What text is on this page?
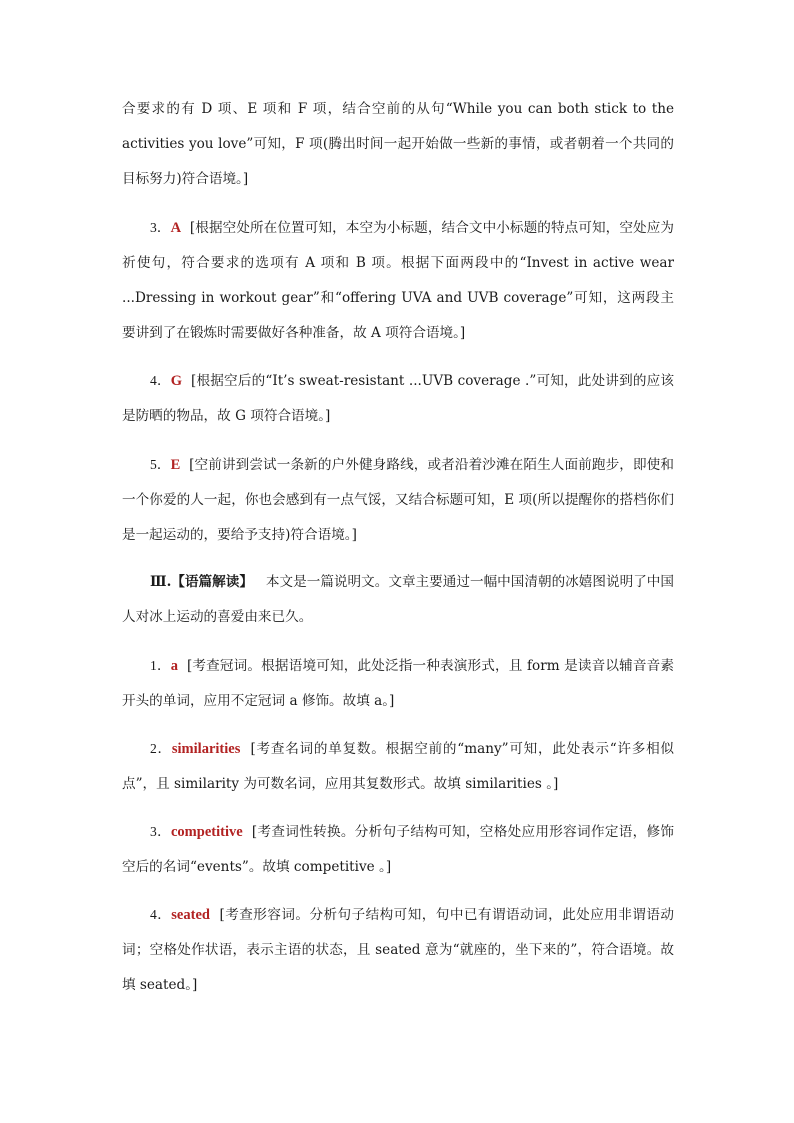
合要求的有 D 项、E 项和 F 项，结合空前的从句“While you can both stick to the activities you love”可知，F 项(腾出时间一起开始做一些新的事情，或者朝着一个共同的目标努力)符合语境。]

3．A [根据空处所在位置可知，本空为小标题，结合文中小标题的特点可知，空处应为祈使句，符合要求的选项有 A 项和 B 项。根据下面两段中的“Invest in active wear ...Dressing in workout gear”和“offering UVA and UVB coverage”可知，这两段主要讲到了在锻炼时需要做好各种准备，故 A 项符合语境。]

4．G [根据空后的“It’s sweat-resistant ...UVB coverage .”可知，此处讲到的应该是防晒的物品，故 G 项符合语境。]

5．E [空前讲到尝试一条新的户外健身路线，或者沿着沙滩在陌生人面前跑步，即使和一个你爱的人一起，你也会感到有一点气馁，又结合标题可知，E 项(所以提醒你的搭档你们是一起运动的，要给予支持)符合语境。]

Ⅲ.【语篇解读】 本文是一篇说明文。文章主要通过一幅中国清朝的冰嬉图说明了中国人对冰上运动的喜爱由来已久。

1．a [考查冠词。根据语境可知，此处泛指一种表演形式，且 form 是读音以辅音音素开头的单词，应用不定冠词 a 修饰。故填 a。]

2．similarities [考查名词的单复数。根据空前的“many”可知，此处表示“许多相似点”，且 similarity 为可数名词，应用其复数形式。故填 similarities 。]

3．competitive [考查词性转换。分析句子结构可知，空格处应用形容词作定语，修饰空后的名词“events”。故填 competitive 。]

4．seated [考查形容词。分析句子结构可知，句中已有谓语动词，此处应用非谓语动词；空格处作状语，表示主语的状态，且 seated 意为“就座的，坐下来的”，符合语境。故填 seated。]
